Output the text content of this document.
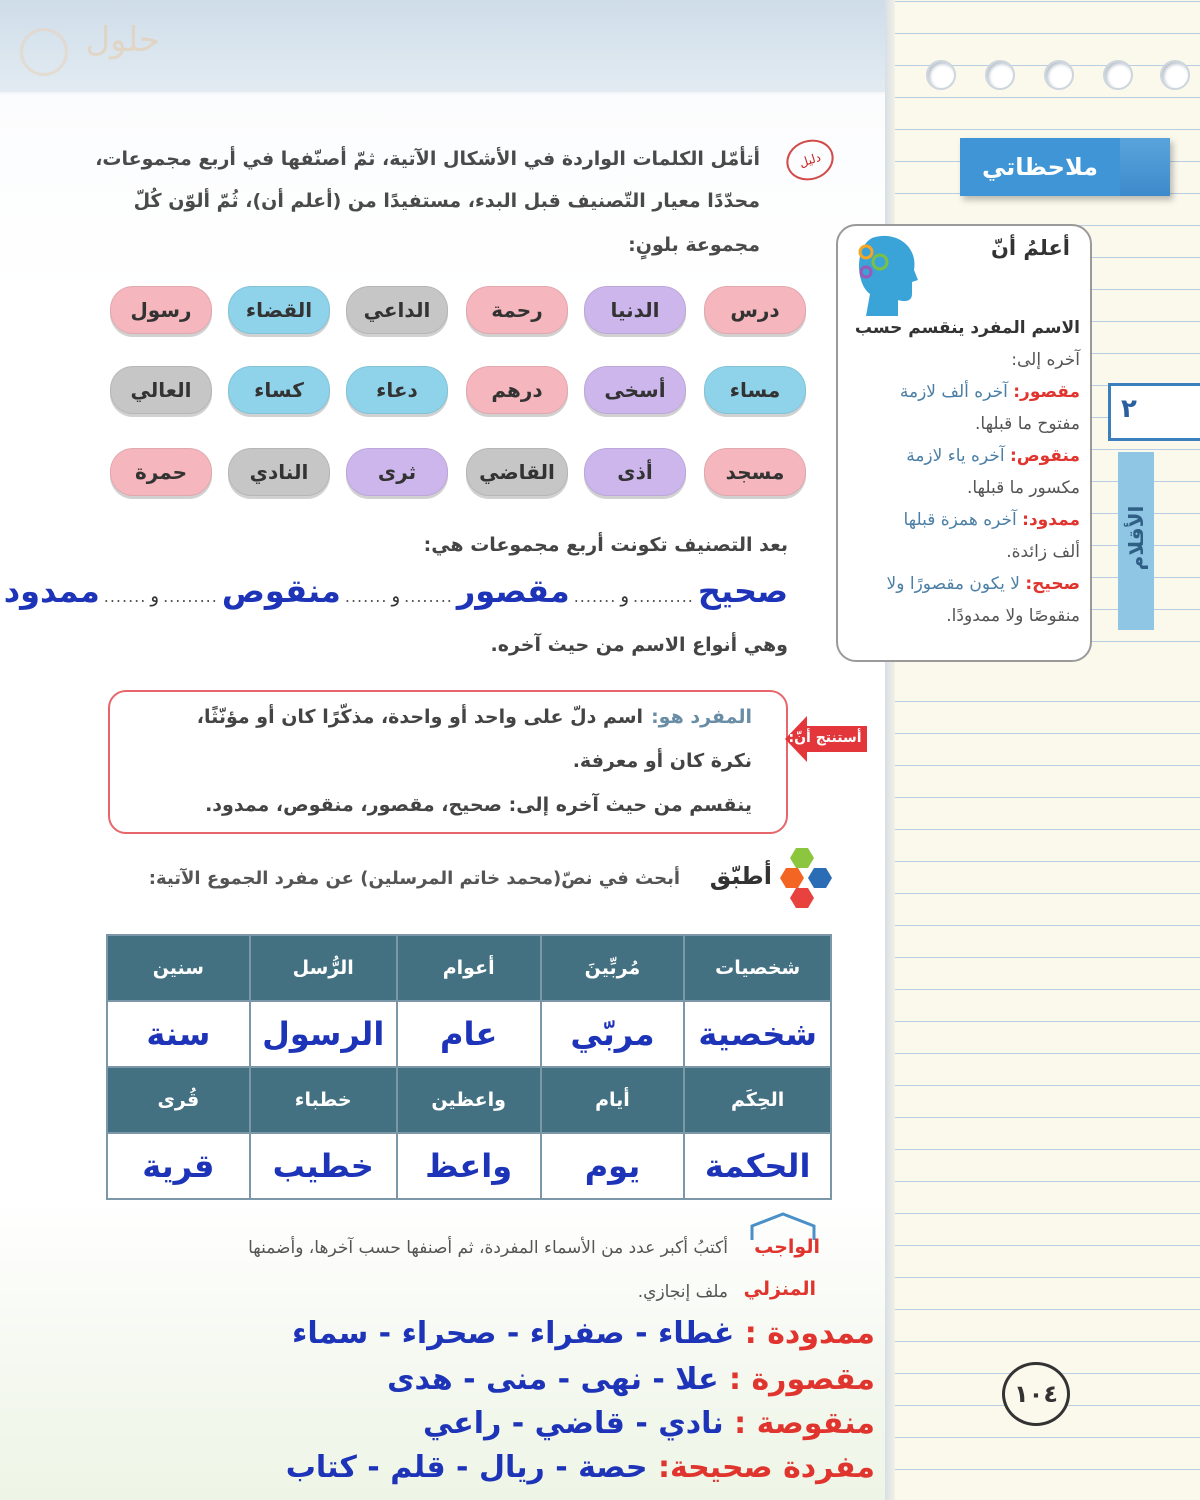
حلول
ملاحظاتي
دليل
أتأمّل الكلمات الواردة في الأشكال الآتية، ثمّ أصنّفها في أربع مجموعات،
محدّدًا معيار التّصنيف قبل البدء، مستفيدًا من (أعلم أن)، ثُمّ ألوّن كُلّ
مجموعة بلونٍ:
درس
الدنيا
رحمة
الداعي
القضاء
رسول
مساء
أسخى
درهم
دعاء
كساء
العالي
مسجد
أذى
القاضي
ثرى
النادي
حمرة
بعد التصنيف تكونت أربع مجموعات هي:
صحيح
..........
و
.......
مقصور
........
و
.......
منقوص
.........
و
.......
ممدود
وهي أنواع الاسم من حيث آخره.
أستنتج أنّ:
المفرد هو:
اسم دلّ على واحد أو واحدة، مذكّرًا كان أو مؤنّثًا،
نكرة كان أو معرفة.
ينقسم من حيث آخره إلى: صحيح، مقصور، منقوص، ممدود.
أطبّق
أبحث في نصّ(محمد خاتم المرسلين) عن مفرد الجموع الآتية:
شخصيات	مُربِّينَ	أعوام	الرُّسل	سنين
شخصية	مربّي	عام	الرسول	سنة
الحِكَم	أيام	واعظين	خطباء	قُرى
الحكمة	يوم	واعظ	خطيب	قرية
الواجب
المنزلي
أكتبُ أكبر عدد من الأسماء المفردة، ثم أصنفها حسب آخرها، وأضمنها
ملف إنجازي.
ممدودة : غطاء - صفراء - صحراء - سماء
مقصورة : علا - نهى - منى - هدى
منقوصة : نادي - قاضي - راعي
مفردة صحيحة: حصة - ريال - قلم - كتاب
أعلمُ أنّ
الاسم المفرد ينقسم حسب
آخره إلى:
مقصور: آخره ألف لازمة
مفتوح ما قبلها.
منقوص: آخره ياء لازمة
مكسور ما قبلها.
ممدود: آخره همزة قبلها
ألف زائدة.
صحيح: لا يكون مقصورًا ولا
منقوصًا ولا ممدودًا.
٢
الأقلام
١٠٤
